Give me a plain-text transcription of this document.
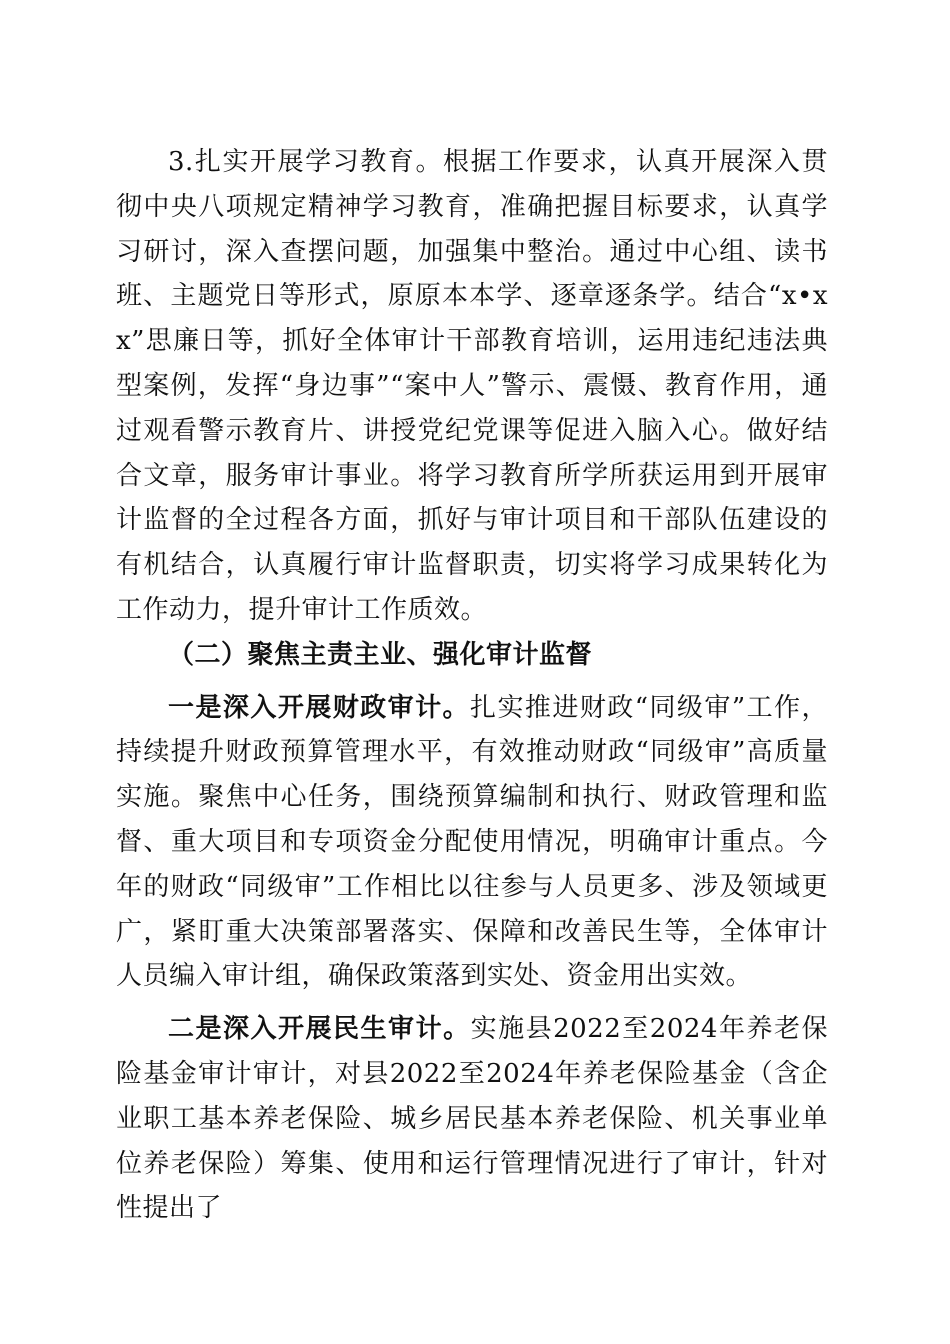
3.扎实开展学习教育。根据工作要求，认真开展深入贯彻中央八项规定精神学习教育，准确把握目标要求，认真学习研讨，深入查摆问题，加强集中整治。通过中心组、读书班、主题党日等形式，原原本本学、逐章逐条学。结合“x•xx”思廉日等，抓好全体审计干部教育培训，运用违纪违法典型案例，发挥“身边事”“案中人”警示、震慑、教育作用，通过观看警示教育片、讲授党纪党课等促进入脑入心。做好结合文章，服务审计事业。将学习教育所学所获运用到开展审计监督的全过程各方面，抓好与审计项目和干部队伍建设的有机结合，认真履行审计监督职责，切实将学习成果转化为工作动力，提升审计工作质效。

（二）聚焦主责主业、强化审计监督

一是深入开展财政审计。扎实推进财政“同级审”工作，持续提升财政预算管理水平，有效推动财政“同级审”高质量实施。聚焦中心任务，围绕预算编制和执行、财政管理和监督、重大项目和专项资金分配使用情况，明确审计重点。今年的财政“同级审”工作相比以往参与人员更多、涉及领域更广，紧盯重大决策部署落实、保障和改善民生等，全体审计人员编入审计组，确保政策落到实处、资金用出实效。

二是深入开展民生审计。实施县2022至2024年养老保险基金审计审计，对县2022至2024年养老保险基金（含企业职工基本养老保险、城乡居民基本养老保险、机关事业单位养老保险）筹集、使用和运行管理情况进行了审计，针对性提出了
